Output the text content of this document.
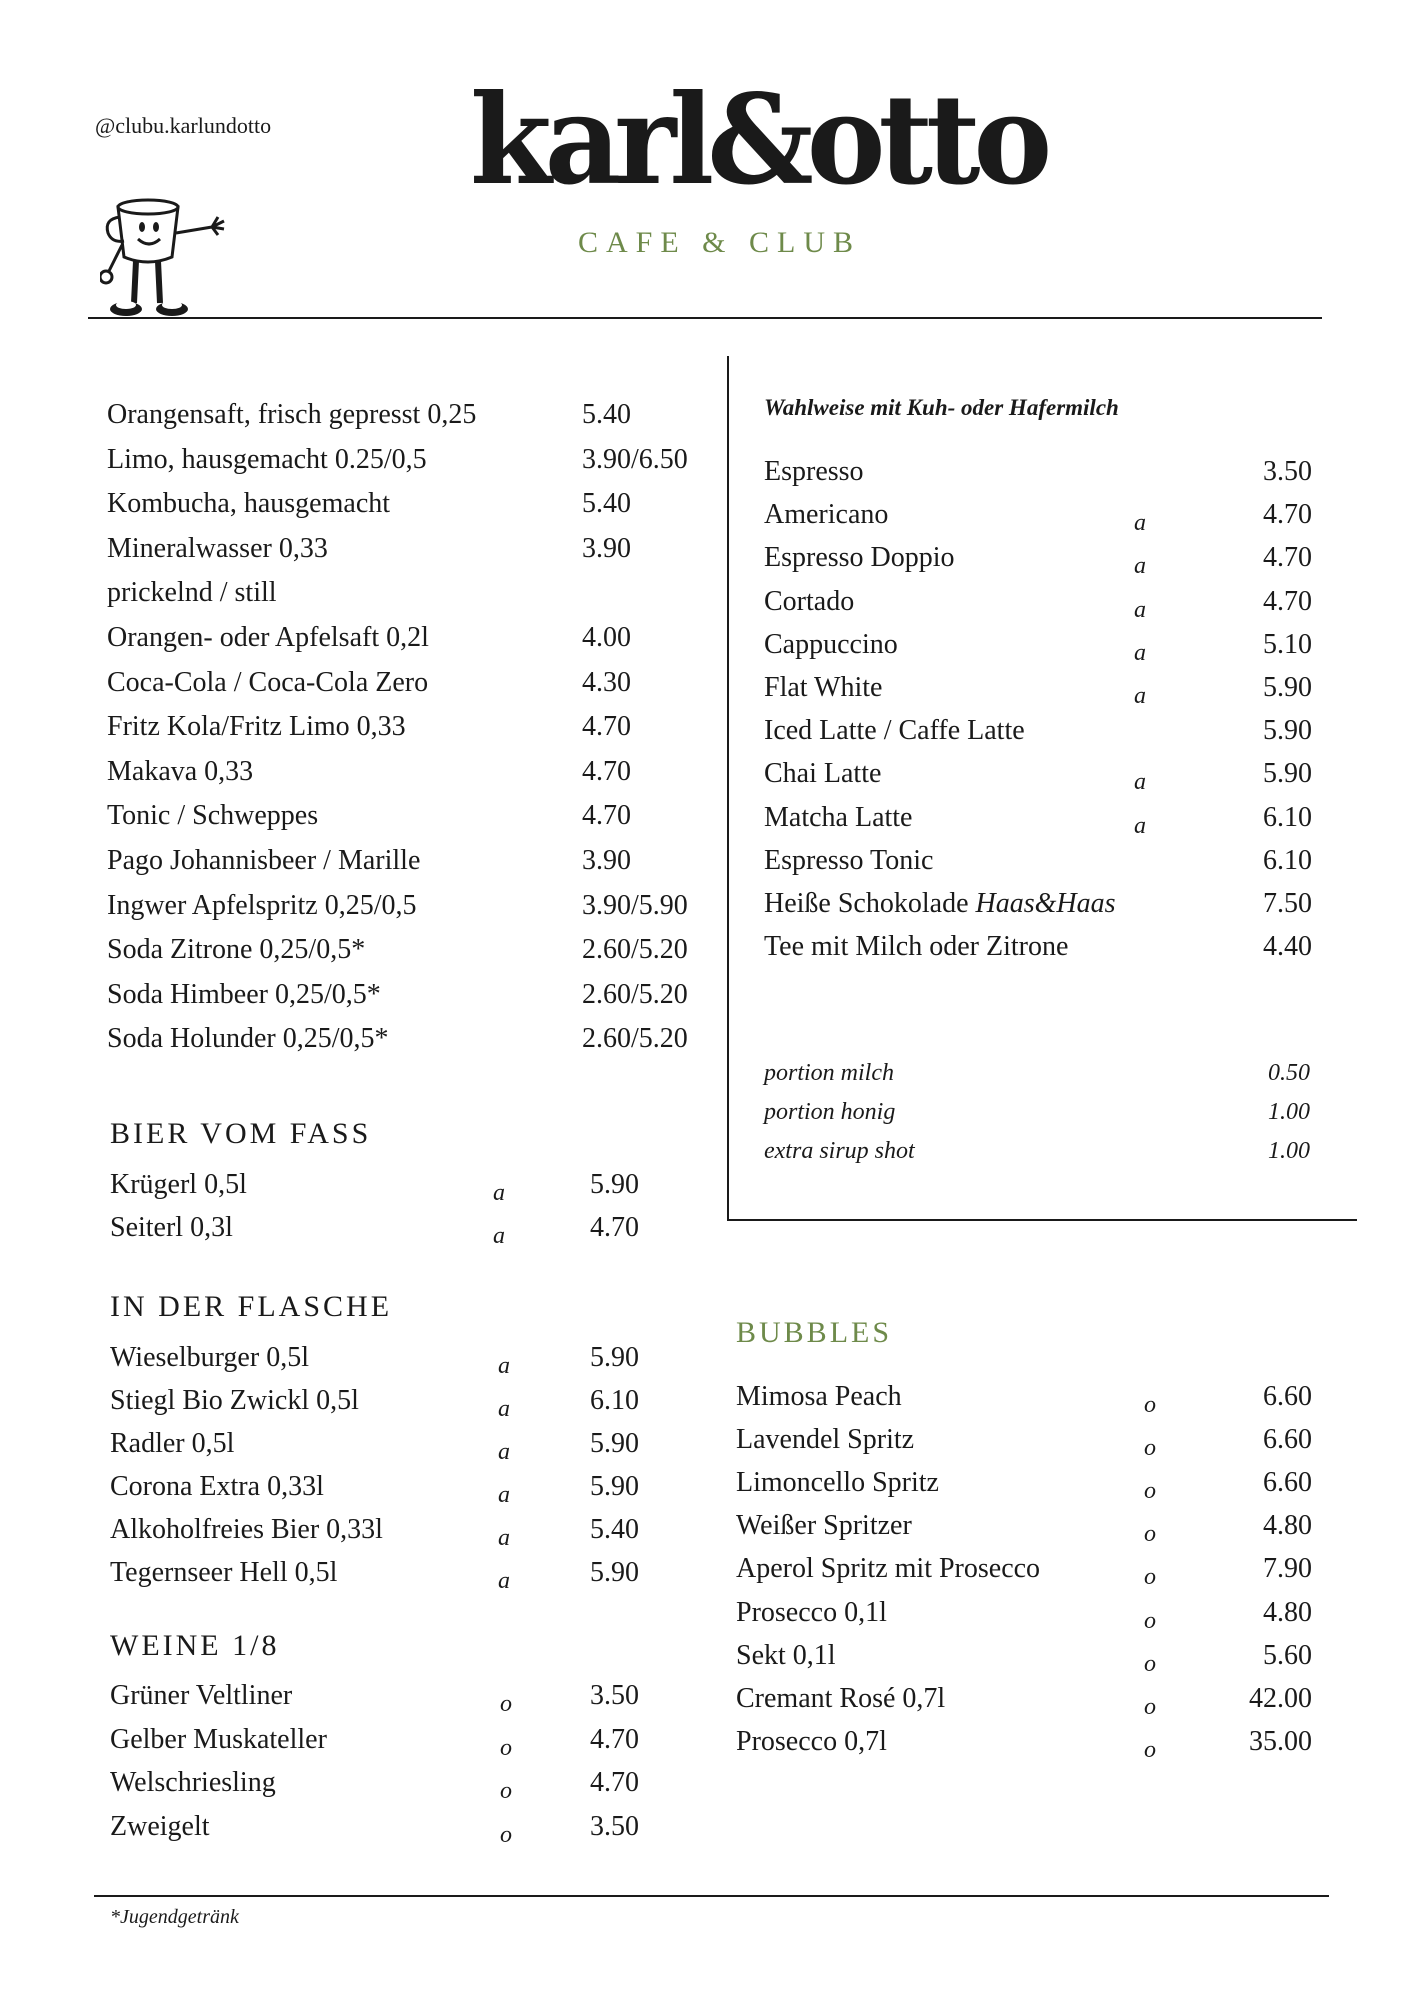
@clubu.karlundotto karl&otto
CAFE & CLUB
Orangensaft, frisch gepresst 0,25	5.40
Limo, hausgemacht 0.25/0,5	3.90/6.50
Kombucha, hausgemacht	5.40
Mineralwasser 0,33	3.90
prickelnd / still
Orangen- oder Apfelsaft 0,2l	4.00
Coca-Cola / Coca-Cola Zero	4.30
Fritz Kola/Fritz Limo 0,33	4.70
Makava 0,33	4.70
Tonic / Schweppes	4.70
Pago Johannisbeer / Marille	3.90
Ingwer Apfelspritz 0,25/0,5	3.90/5.90
Soda Zitrone 0,25/0,5*	2.60/5.20
Soda Himbeer 0,25/0,5*	2.60/5.20
Soda Holunder 0,25/0,5*	2.60/5.20
BIER VOM FASS
Krügerl 0,5l	a	5.90
Seiterl 0,3l	a	4.70
IN DER FLASCHE
Wieselburger 0,5l	a	5.90
Stiegl Bio Zwickl 0,5l	a	6.10
Radler 0,5l	a	5.90
Corona Extra 0,33l	a	5.90
Alkoholfreies Bier 0,33l	a	5.40
Tegernseer Hell 0,5l	a	5.90
WEINE 1/8
Grüner Veltliner	o	3.50
Gelber Muskateller	o	4.70
Welschriesling	o	4.70
Zweigelt	o	3.50
Wahlweise mit Kuh- oder Hafermilch
Espresso	3.50
Americano	a	4.70
Espresso Doppio	a	4.70
Cortado	a	4.70
Cappuccino	a	5.10
Flat White	a	5.90
Iced Latte / Caffe Latte	5.90
Chai Latte	a	5.90
Matcha Latte	a	6.10
Espresso Tonic	6.10
Heiße Schokolade Haas&Haas	7.50
Tee mit Milch oder Zitrone	4.40
portion milch	0.50
portion honig	1.00
extra sirup shot	1.00
BUBBLES
Mimosa Peach	o	6.60
Lavendel Spritz	o	6.60
Limoncello Spritz	o	6.60
Weißer Spritzer	o	4.80
Aperol Spritz mit Prosecco	o	7.90
Prosecco 0,1l	o	4.80
Sekt 0,1l	o	5.60
Cremant Rosé 0,7l	o	42.00
Prosecco 0,7l	o	35.00
*Jugendgetränk
